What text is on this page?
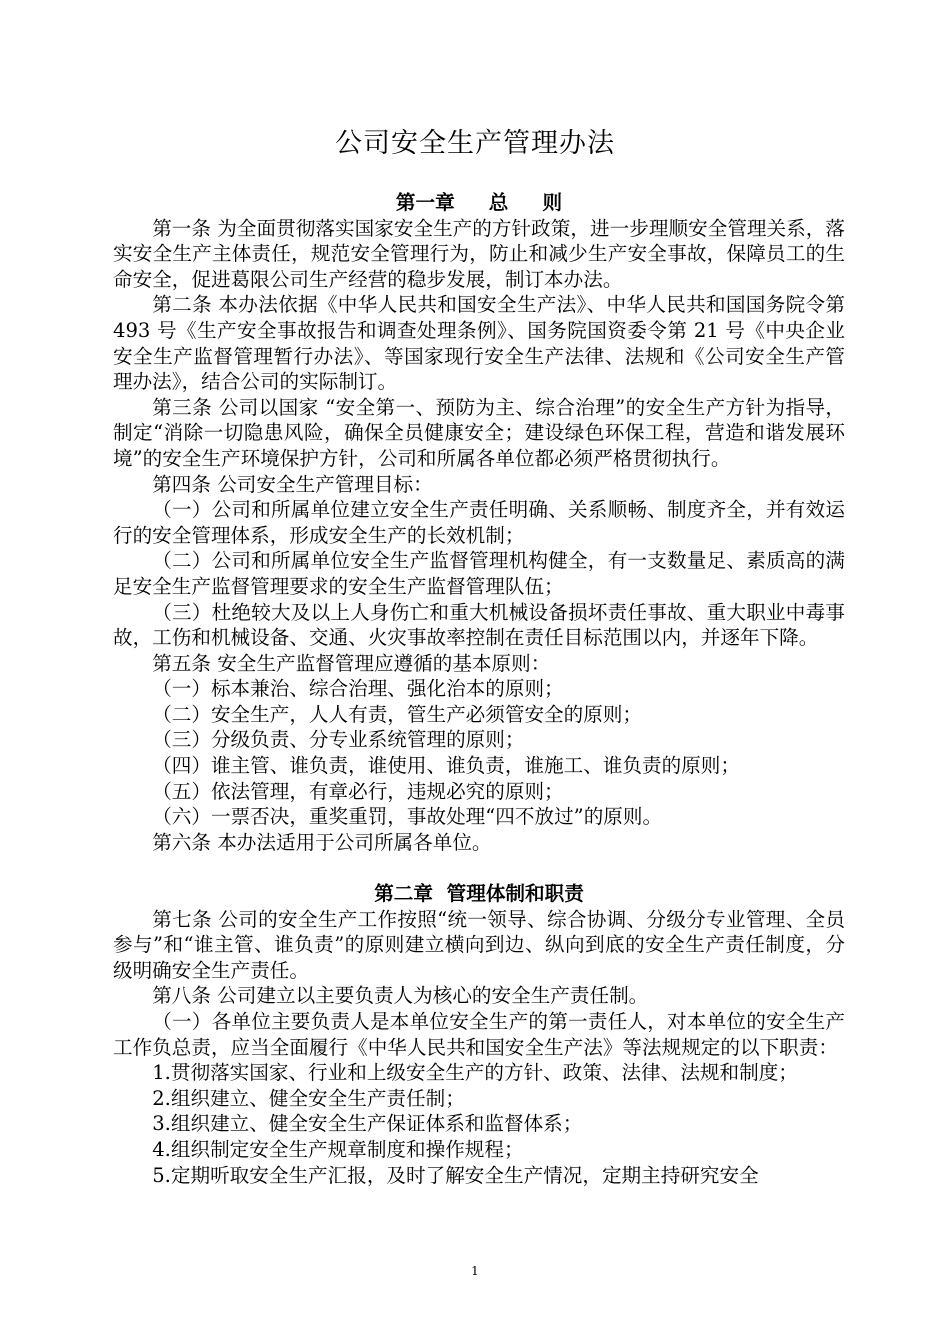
公司安全生产管理办法
第一章     总     则

第一条 为全面贯彻落实国家安全生产的方针政策，进一步理顺安全管理关系，落实安全生产主体责任，规范安全管理行为，防止和减少生产安全事故，保障员工的生命安全，促进葛限公司生产经营的稳步发展，制订本办法。

第二条 本办法依据《中华人民共和国安全生产法》、中华人民共和国国务院令第 493 号《生产安全事故报告和调查处理条例》、国务院国资委令第 21 号《中央企业安全生产监督管理暂行办法》、等国家现行安全生产法律、法规和《公司安全生产管理办法》，结合公司的实际制订。

第三条 公司以国家 “安全第一、预防为主、综合治理”的安全生产方针为指导，制定“消除一切隐患风险，确保全员健康安全；建设绿色环保工程，营造和谐发展环境”的安全生产环境保护方针，公司和所属各单位都必须严格贯彻执行。

第四条 公司安全生产管理目标：

（一）公司和所属单位建立安全生产责任明确、关系顺畅、制度齐全，并有效运行的安全管理体系，形成安全生产的长效机制；

（二）公司和所属单位安全生产监督管理机构健全，有一支数量足、素质高的满足安全生产监督管理要求的安全生产监督管理队伍；

（三）杜绝较大及以上人身伤亡和重大机械设备损坏责任事故、重大职业中毒事故，工伤和机械设备、交通、火灾事故率控制在责任目标范围以内，并逐年下降。

第五条 安全生产监督管理应遵循的基本原则：

（一）标本兼治、综合治理、强化治本的原则；

（二）安全生产，人人有责，管生产必须管安全的原则；

（三）分级负责、分专业系统管理的原则；

（四）谁主管、谁负责，谁使用、谁负责，谁施工、谁负责的原则；

（五）依法管理，有章必行，违规必究的原则；

（六）一票否决，重奖重罚，事故处理“四不放过”的原则。

第六条 本办法适用于公司所属各单位。

第二章  管理体制和职责

第七条 公司的安全生产工作按照“统一领导、综合协调、分级分专业管理、全员参与”和“谁主管、谁负责”的原则建立横向到边、纵向到底的安全生产责任制度，分级明确安全生产责任。

第八条 公司建立以主要负责人为核心的安全生产责任制。

（一）各单位主要负责人是本单位安全生产的第一责任人，对本单位的安全生产工作负总责，应当全面履行《中华人民共和国安全生产法》等法规规定的以下职责：

1.贯彻落实国家、行业和上级安全生产的方针、政策、法律、法规和制度；

2.组织建立、健全安全生产责任制；

3.组织建立、健全安全生产保证体系和监督体系；

4.组织制定安全生产规章制度和操作规程；

5.定期听取安全生产汇报，及时了解安全生产情况，定期主持研究安全

1
